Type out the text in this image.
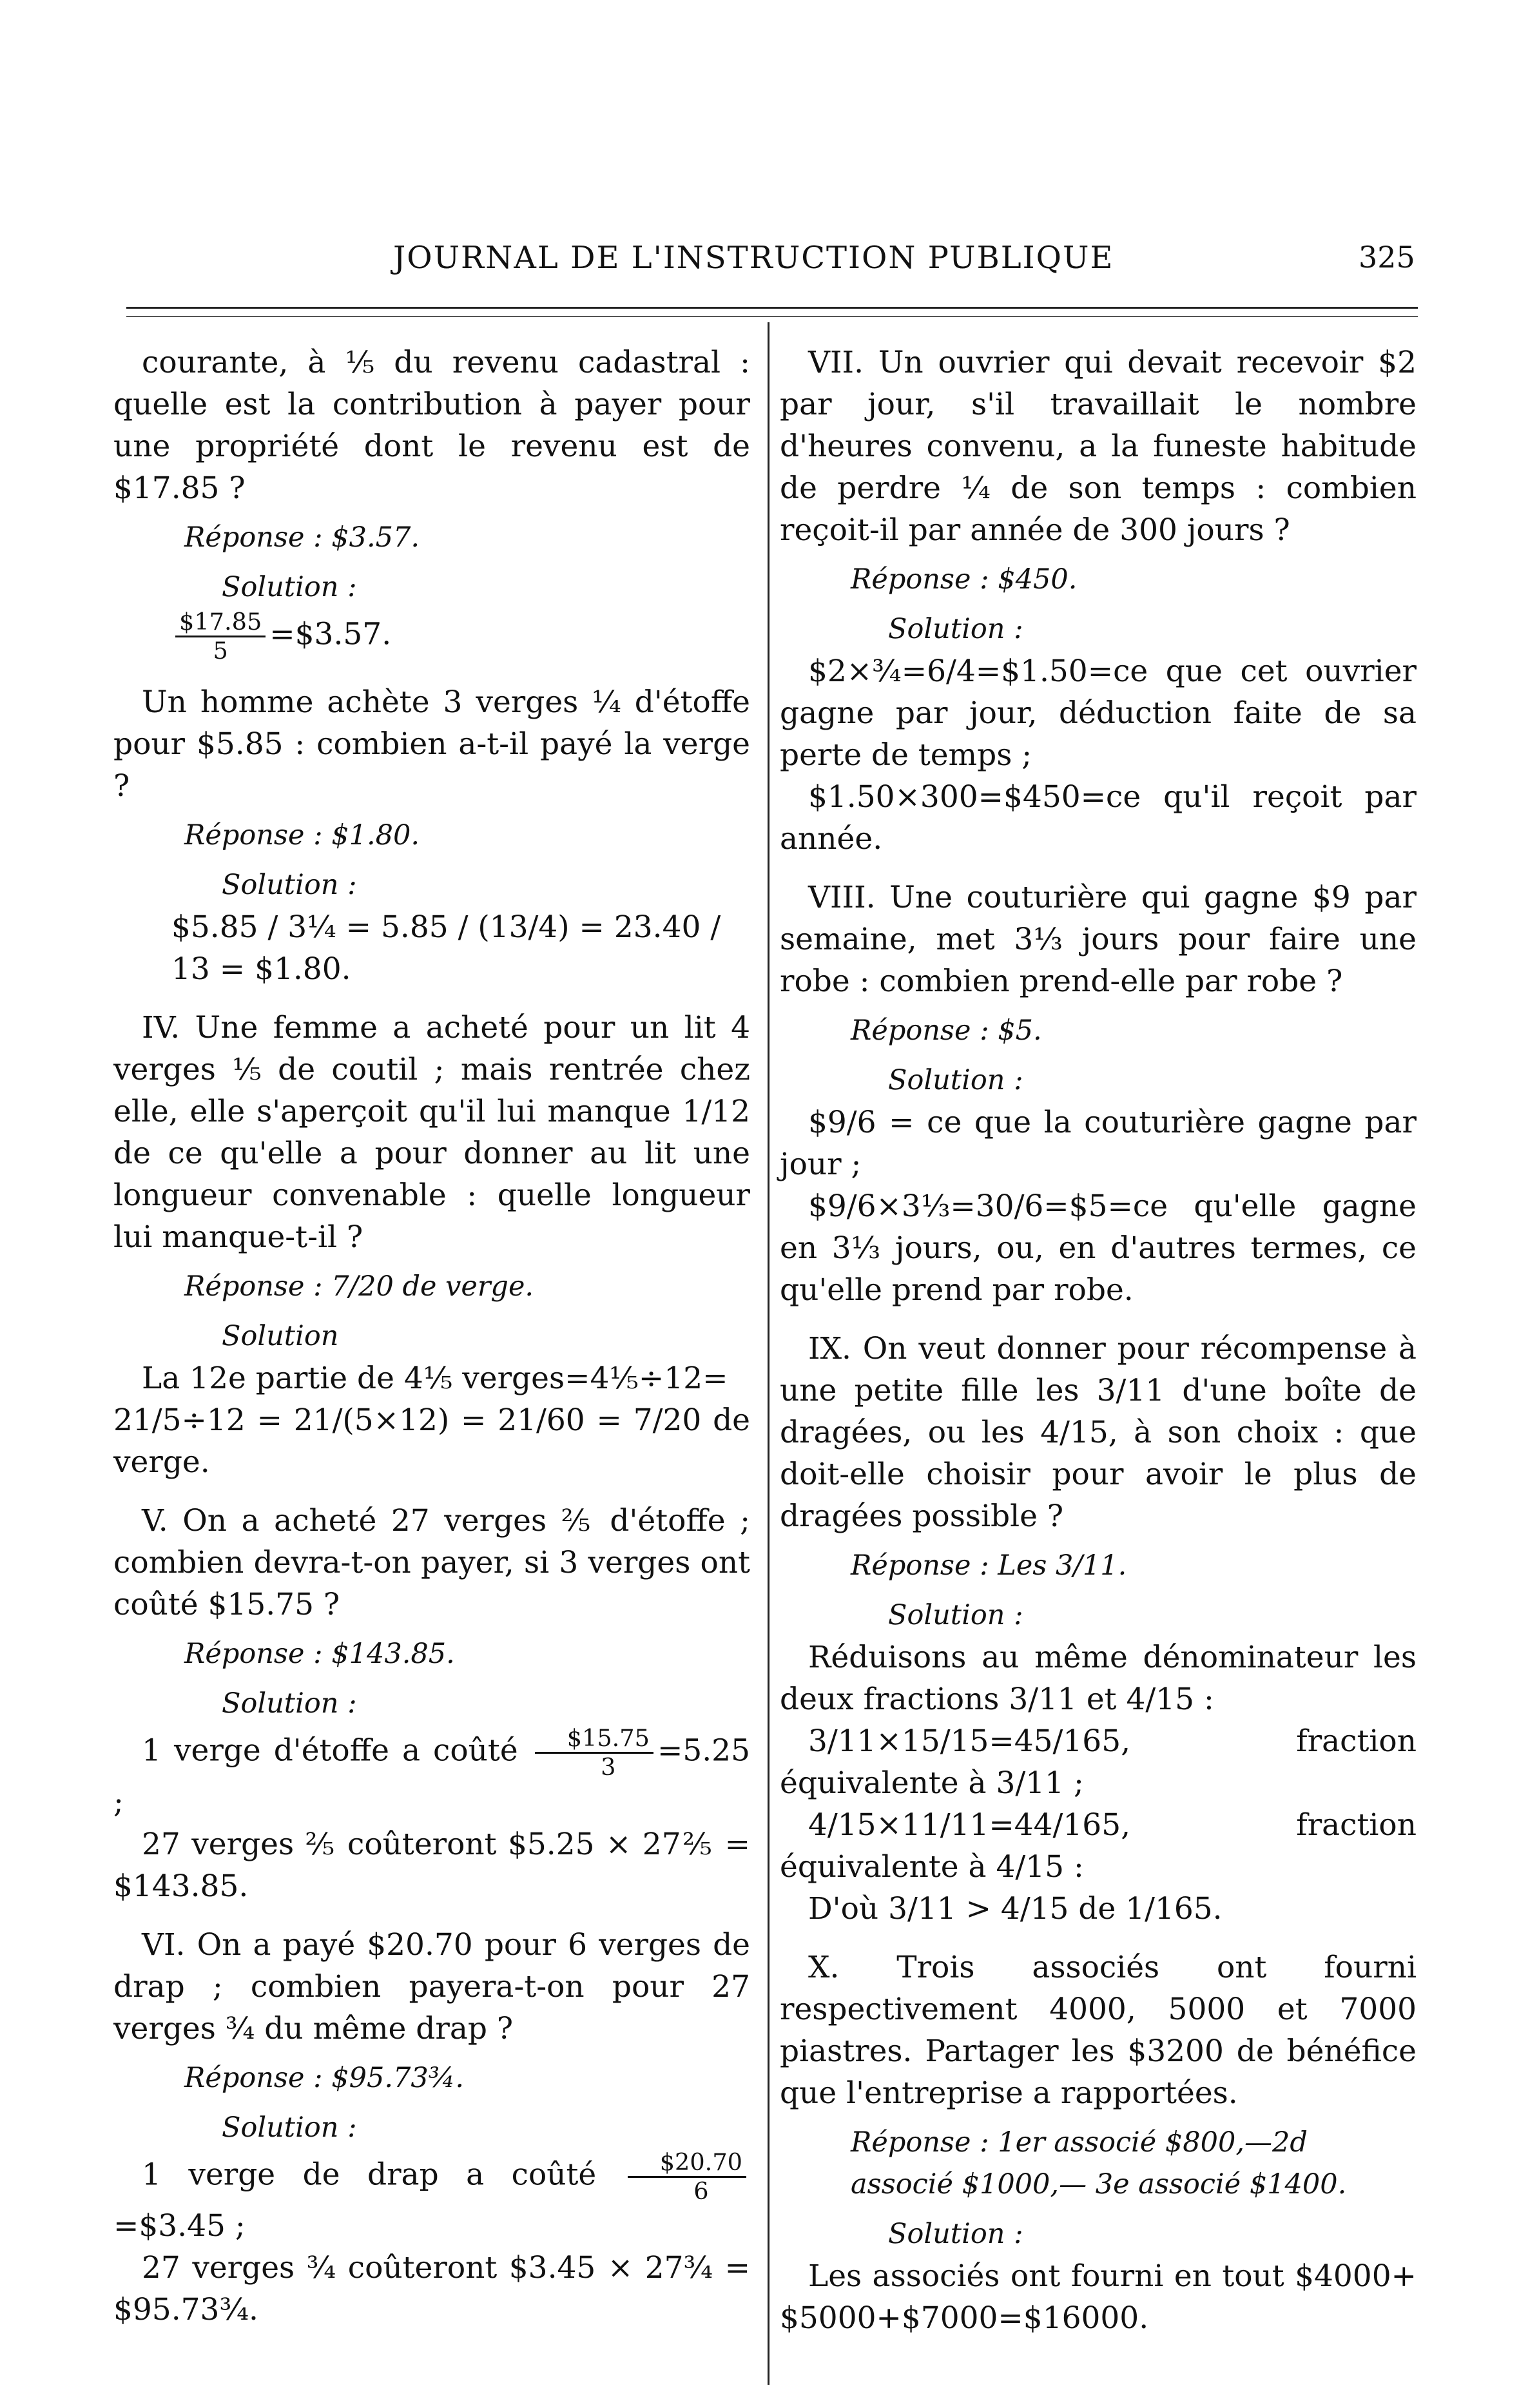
JOURNAL DE L'INSTRUCTION PUBLIQUE	325
courante, à ⅕ du revenu cadastral : quelle est la contribution à payer pour une propriété dont le revenu est de $17.85 ?
Réponse : $3.57.
Solution :
$\frac{\$17.85}{5}$ =$3.57.
Un homme achète 3 verges ¼ d'étoffe pour $5.85 : combien a-t-il payé la verge ?
Réponse : $1.80.
Solution :
$5.85 / 3¼ = 5.85 / (13/4) = 23.40 / 13 = $1.80.
IV. Une femme a acheté pour un lit 4 verges ⅕ de coutil ; mais rentrée chez elle, elle s'aperçoit qu'il lui manque 1/12 de ce qu'elle a pour donner au lit une longueur convenable : quelle longueur lui manque-t-il ?
Réponse : 7/20 de verge.
Solution
La 12e partie de 4⅕ verges=4⅕÷12=
21/5÷12 = 21/(5×12) = 21/60 = 7/20 de verge.
V. On a acheté 27 verges ⅖ d'étoffe ; combien devra-t-on payer, si 3 verges ont coûté $15.75 ?
Réponse : $143.85.
Solution :
1 verge d'étoffe a coûté $\frac{\$15.75}{3} =5.25$ ;
27 verges ⅖ coûteront $5.25 × 27⅖ = $143.85.
VI. On a payé $20.70 pour 6 verges de drap ; combien payera-t-on pour 27 verges ¾ du même drap ?
Réponse : $95.73¾.
Solution :
1 verge de drap a coûté $\frac{\$20.70}{6}$
=$3.45 ;
27 verges ¾ coûteront $3.45 × 27¾ = $95.73¾.
VII. Un ouvrier qui devait recevoir $2 par jour, s'il travaillait le nombre d'heures convenu, a la funeste habitude de perdre ¼ de son temps : combien reçoit-il par année de 300 jours ?
Réponse : $450.
Solution :
$2×¾=6/4=$1.50=ce que cet ouvrier gagne par jour, déduction faite de sa perte de temps ;
$1.50×300=$450=ce qu'il reçoit par année.
VIII. Une couturière qui gagne $9 par semaine, met 3⅓ jours pour faire une robe : combien prend-elle par robe ?
Réponse : $5.
Solution :
$9/6 = ce que la couturière gagne par jour ;
$9/6×3⅓=30/6=$5=ce qu'elle gagne en 3⅓ jours, ou, en d'autres termes, ce qu'elle prend par robe.
IX. On veut donner pour récompense à une petite fille les 3/11 d'une boîte de dragées, ou les 4/15, à son choix : que doit-elle choisir pour avoir le plus de dragées possible ?
Réponse : Les 3/11.
Solution :
Réduisons au même dénominateur les deux fractions 3/11 et 4/15 :
3/11×15/15=45/165, fraction équivalente à 3/11 ;
4/15×11/11=44/165, fraction équivalente à 4/15 :
D'où 3/11 > 4/15 de 1/165.
X. Trois associés ont fourni respectivement 4000, 5000 et 7000 piastres. Partager les $3200 de bénéfice que l'entreprise a rapportées.
Réponse : 1er associé $800,—2d associé $1000,— 3e associé $1400.
Solution :
Les associés ont fourni en tout $4000+ $5000+$7000=$16000.
